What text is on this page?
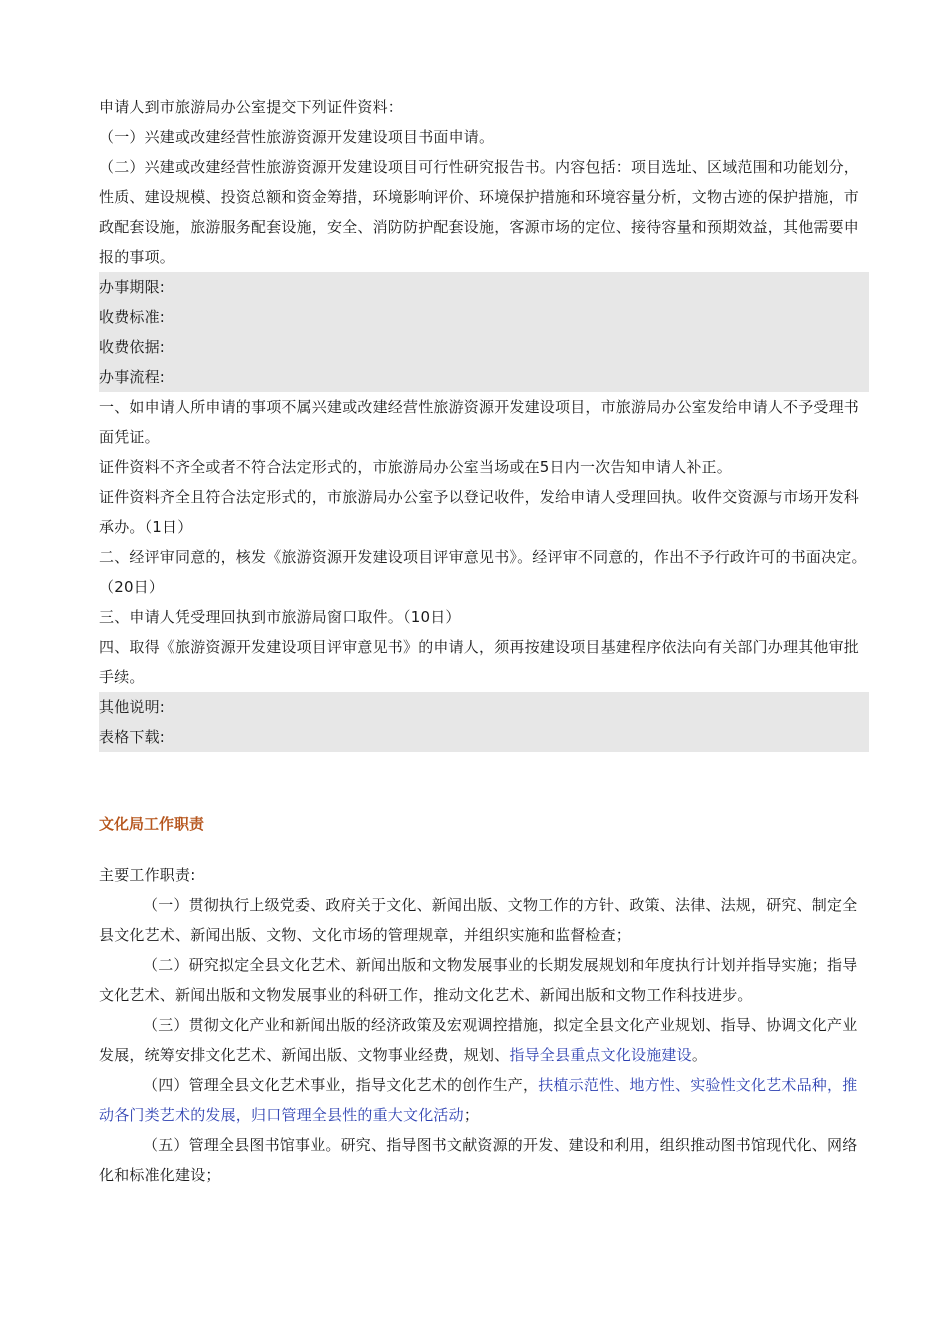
申请人到市旅游局办公室提交下列证件资料：

（一）兴建或改建经营性旅游资源开发建设项目书面申请。

（二）兴建或改建经营性旅游资源开发建设项目可行性研究报告书。内容包括：项目选址、区域范围和功能划分，性质、建设规模、投资总额和资金筹措，环境影响评价、环境保护措施和环境容量分析，文物古迹的保护措施，市政配套设施，旅游服务配套设施，安全、消防防护配套设施，客源市场的定位、接待容量和预期效益，其他需要申报的事项。

办事期限:

收费标准:

收费依据:

办事流程:

一、如申请人所申请的事项不属兴建或改建经营性旅游资源开发建设项目，市旅游局办公室发给申请人不予受理书面凭证。

证件资料不齐全或者不符合法定形式的，市旅游局办公室当场或在5日内一次告知申请人补正。

证件资料齐全且符合法定形式的，市旅游局办公室予以登记收件，发给申请人受理回执。收件交资源与市场开发科承办。（1日）

二、经评审同意的，核发《旅游资源开发建设项目评审意见书》。经评审不同意的，作出不予行政许可的书面决定。（20日）

三、申请人凭受理回执到市旅游局窗口取件。（10日）

四、取得《旅游资源开发建设项目评审意见书》的申请人，须再按建设项目基建程序依法向有关部门办理其他审批手续。

其他说明:

表格下载:

文化局工作职责

主要工作职责:

（一）贯彻执行上级党委、政府关于文化、新闻出版、文物工作的方针、政策、法律、法规，研究、制定全县文化艺术、新闻出版、文物、文化市场的管理规章，并组织实施和监督检查；

（二）研究拟定全县文化艺术、新闻出版和文物发展事业的长期发展规划和年度执行计划并指导实施；指导文化艺术、新闻出版和文物发展事业的科研工作，推动文化艺术、新闻出版和文物工作科技进步。

（三）贯彻文化产业和新闻出版的经济政策及宏观调控措施，拟定全县文化产业规划、指导、协调文化产业发展，统筹安排文化艺术、新闻出版、文物事业经费，规划、指导全县重点文化设施建设。

（四）管理全县文化艺术事业，指导文化艺术的创作生产，扶植示范性、地方性、实验性文化艺术品种，推动各门类艺术的发展，归口管理全县性的重大文化活动；

（五）管理全县图书馆事业。研究、指导图书文献资源的开发、建设和利用，组织推动图书馆现代化、网络化和标准化建设；
